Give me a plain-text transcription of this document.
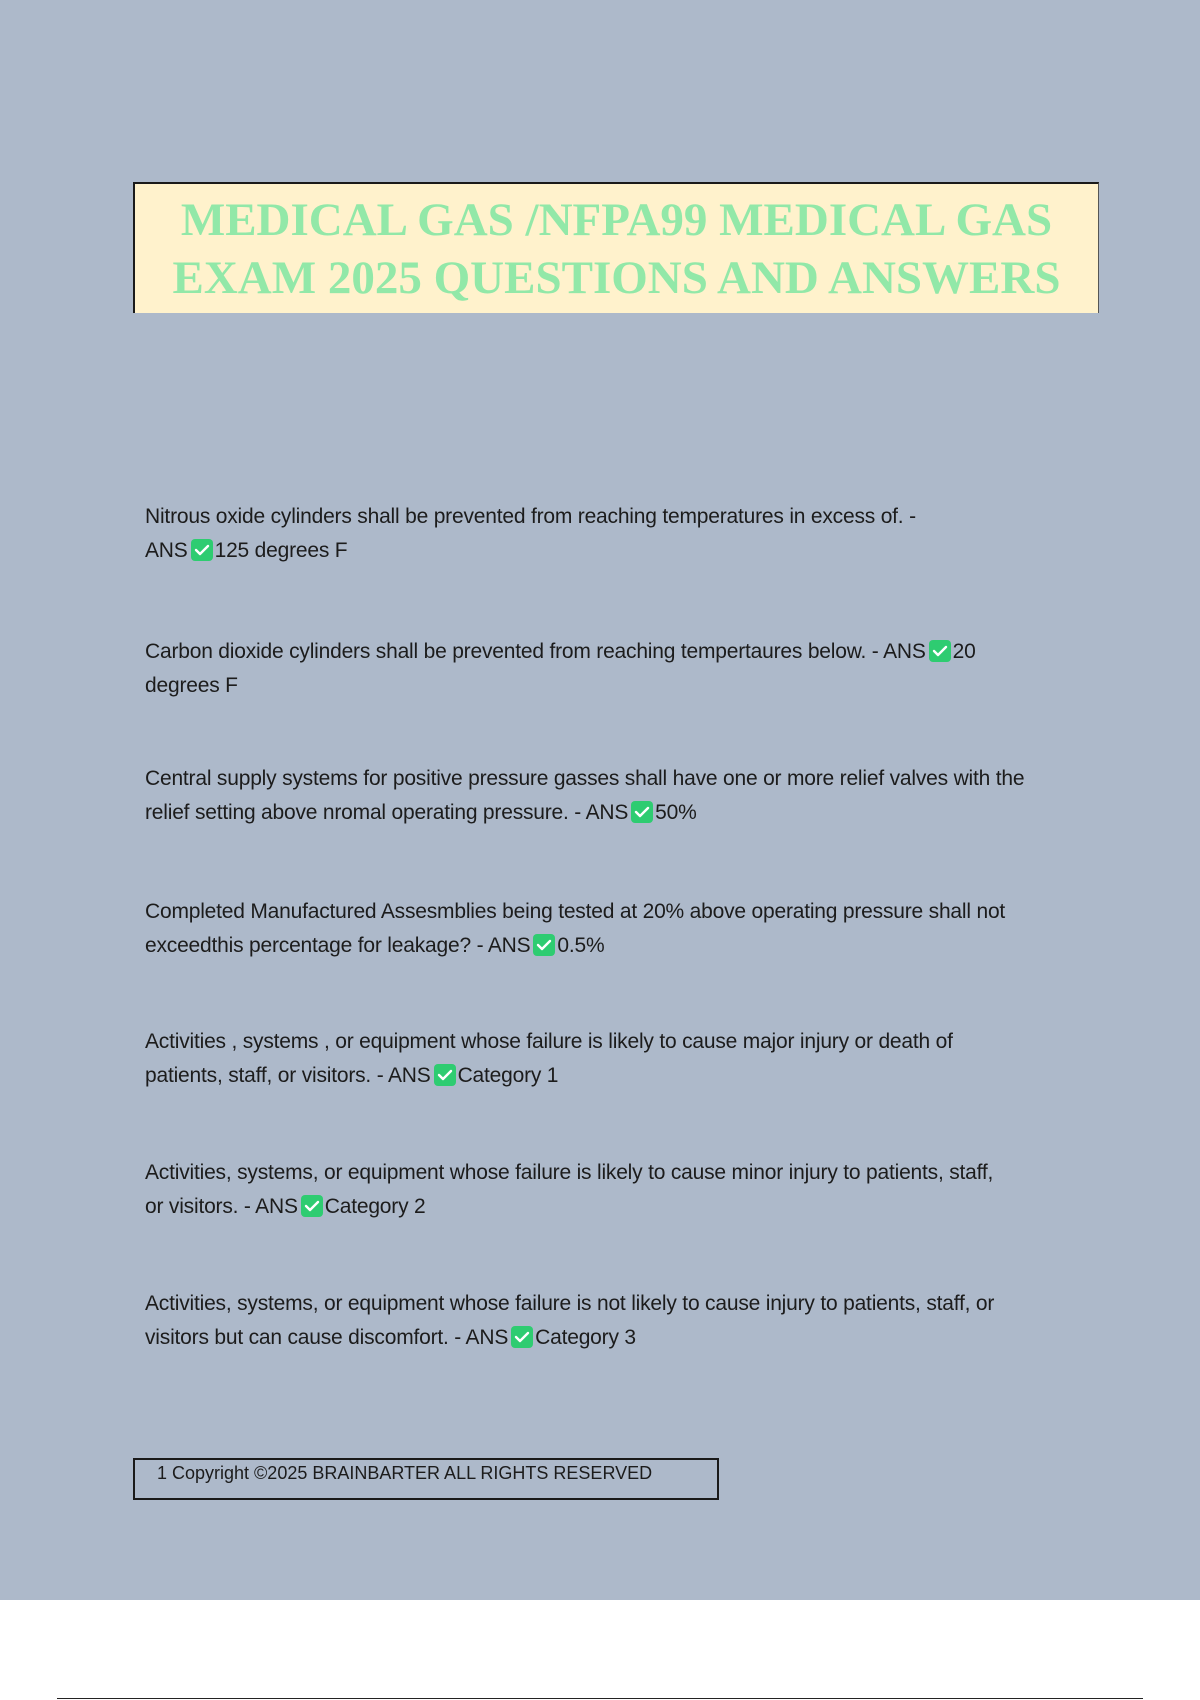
MEDICAL GAS /NFPA99 MEDICAL GAS
EXAM 2025 QUESTIONS AND ANSWERS
Nitrous oxide cylinders shall be prevented from reaching temperatures in excess of. -
ANS 125 degrees F
Carbon dioxide cylinders shall be prevented from reaching tempertaures below. - ANS 20
degrees F
Central supply systems for positive pressure gasses shall have one or more relief valves with the
relief setting above nromal operating pressure. - ANS 50%
Completed Manufactured Assesmblies being tested at 20% above operating pressure shall not
exceedthis percentage for leakage? - ANS 0.5%
Activities , systems , or equipment whose failure is likely to cause major injury or death of
patients, staff, or visitors. - ANS Category 1
Activities, systems, or equipment whose failure is likely to cause minor injury to patients, staff,
or visitors. - ANS Category 2
Activities, systems, or equipment whose failure is not likely to cause injury to patients, staff, or
visitors but can cause discomfort. - ANS Category 3
1 Copyright ©2025 BRAINBARTER ALL RIGHTS RESERVED
